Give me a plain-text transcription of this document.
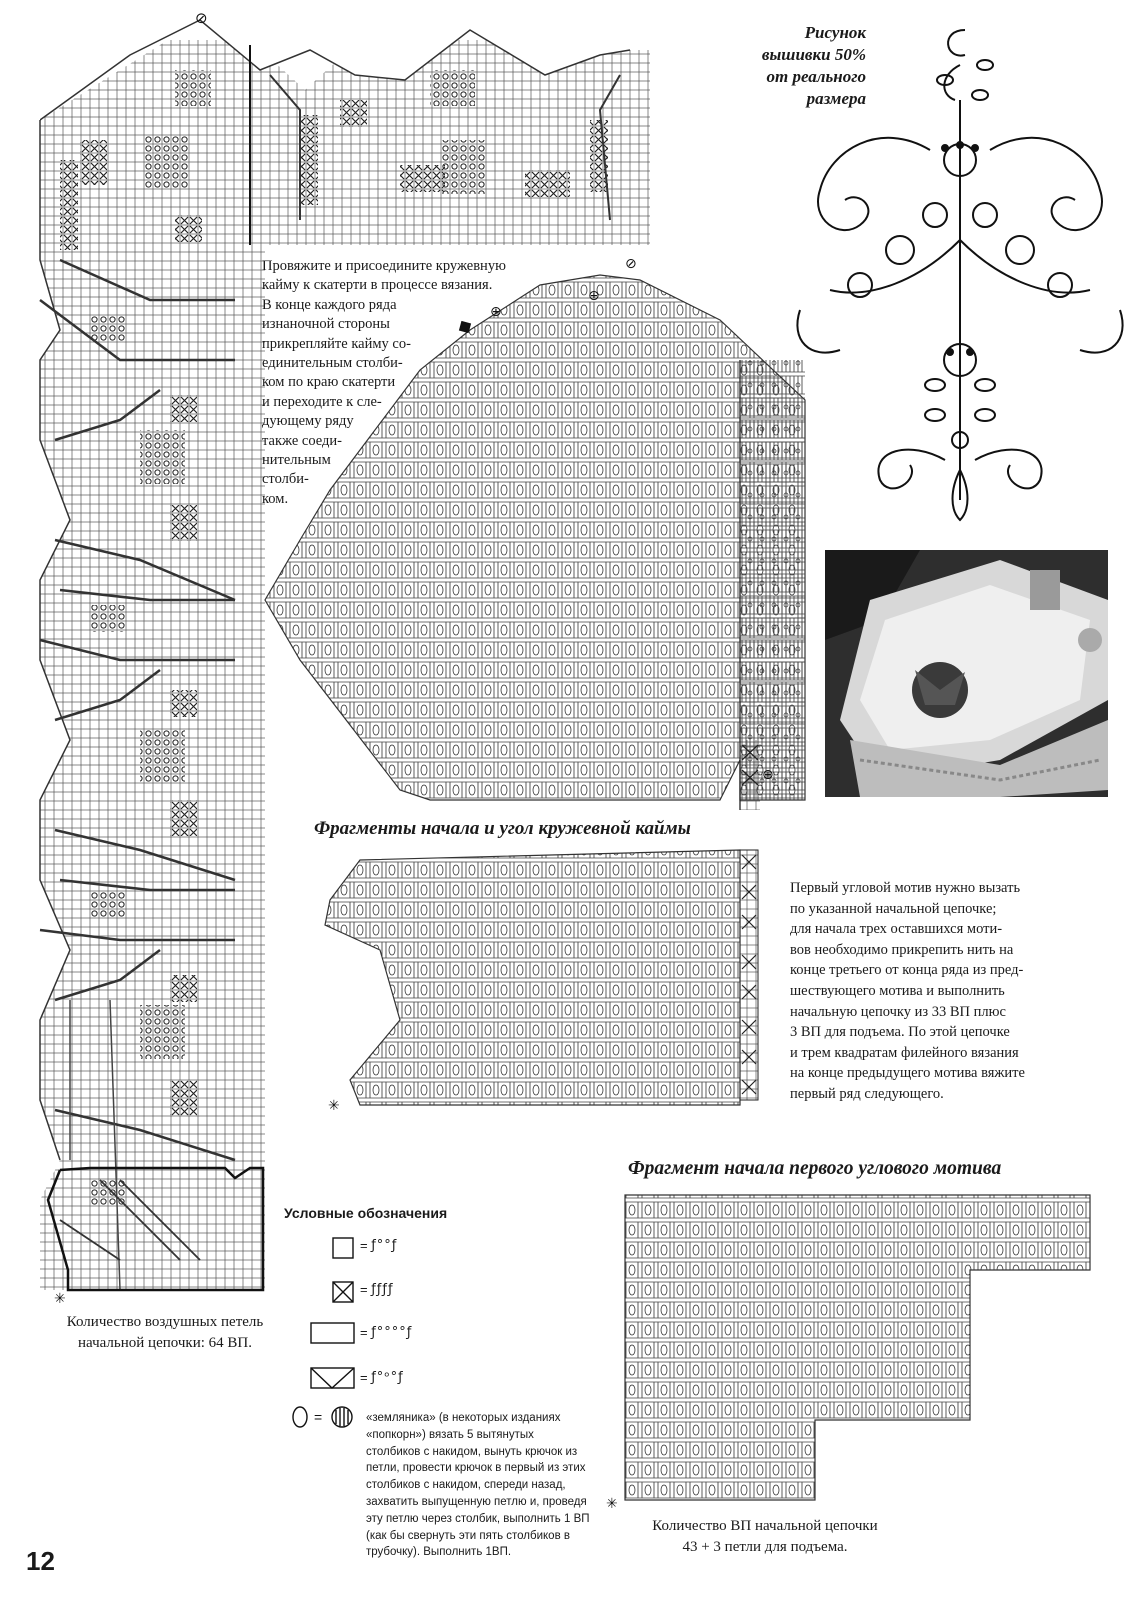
⊘
✳
⊕
⊕
⊘
⊕
✳
✳
=
Рисунок
вышивки 50%
от реального
размера
Провяжите и присоедините кружевную
кайму к скатерти в процессе вязания.
В конце каждого ряда
изнаночной стороны
прикрепляйте кайму со-
единительным столби-
ком по краю скатерти
и переходите к сле-
дующему ряду
также соеди-
нительным
столби-
ком.
Фрагменты начала и угол кружевной каймы
Первый угловой мотив нужно вызать
по указанной начальной цепочке;
для начала трех оставшихся моти-
вов необходимо прикрепить нить на
конце третьего от конца ряда из пред-
шествующего мотива и выполнить
начальную цепочку из 33 ВП плюс
3 ВП для подъема. По этой цепочке
и трем квадратам филейного вязания
на конце предыдущего мотива вяжите
первый ряд следующего.
Фрагмент начала первого углового мотива
Количество воздушных петель
начальной цепочки: 64 ВП.
Количество ВП начальной цепочки
43 + 3 петли для подъема.
Условные обозначения
=
ƒ°°ƒ
=
ƒƒƒƒ
=
ƒ°°°°ƒ
=
ƒ°ᵒ°ƒ
«земляника» (в некоторых изданиях
«попкорн») вязать 5 вытянутых
столбиков с накидом, вынуть крючок из
петли, провести крючок в первый из этих
столбиков с накидом, спереди назад,
захватить выпущенную петлю и, проведя
эту петлю через столбик, выполнить 1 ВП
(как бы свернуть эти пять столбиков в
трубочку). Выполнить 1ВП.
12
